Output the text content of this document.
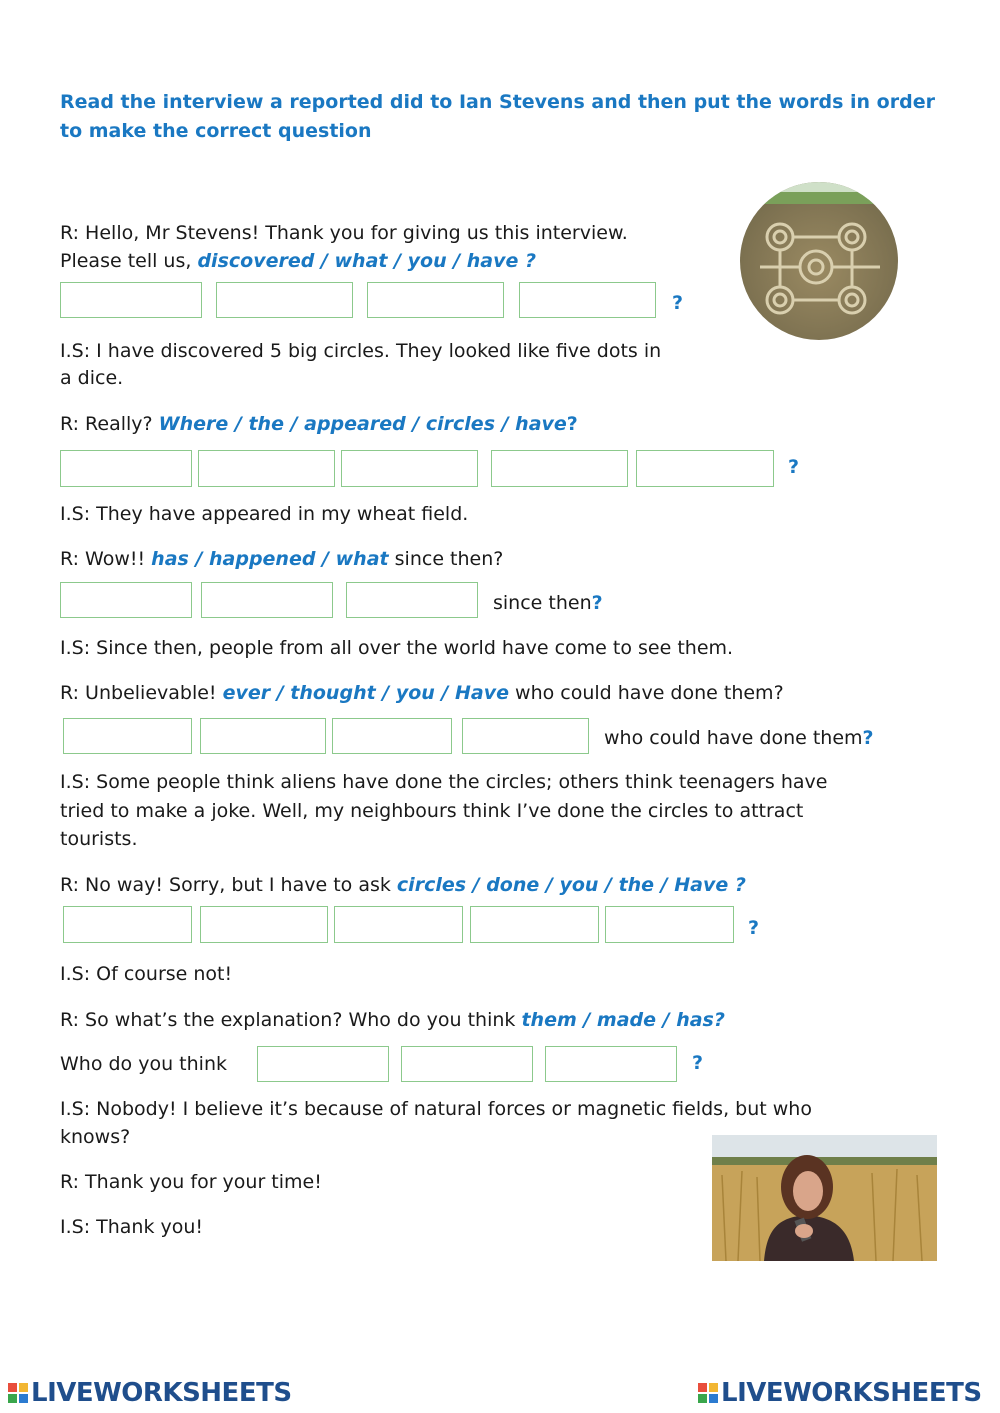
Read the interview a reported did to Ian Stevens and then put the words in order to make the correct question
R: Hello, Mr Stevens! Thank you for giving us this interview.
Please tell us, discovered / what / you / have ?
?
I.S: I have discovered 5 big circles. They looked like five dots in
a dice.
R: Really? Where / the / appeared / circles / have?
?
I.S: They have appeared in my wheat field.
R: Wow!! has / happened / what since then?
since then?
I.S: Since then, people from all over the world have come to see them.
R: Unbelievable! ever / thought / you / Have who could have done them?
who could have done them?
I.S: Some people think aliens have done the circles; others think teenagers have
tried to make a joke. Well, my neighbours think I’ve done the circles to attract
tourists.
R: No way! Sorry, but I have to ask circles / done / you / the / Have ?
?
I.S: Of course not!
R: So what’s the explanation? Who do you think them / made / has?
Who do you think	?
I.S: Nobody! I believe it’s because of natural forces or magnetic fields, but who
knows?
R: Thank you for your time!
I.S: Thank you!
LIVEWORKSHEETS	LIVEWORKSHEETS
